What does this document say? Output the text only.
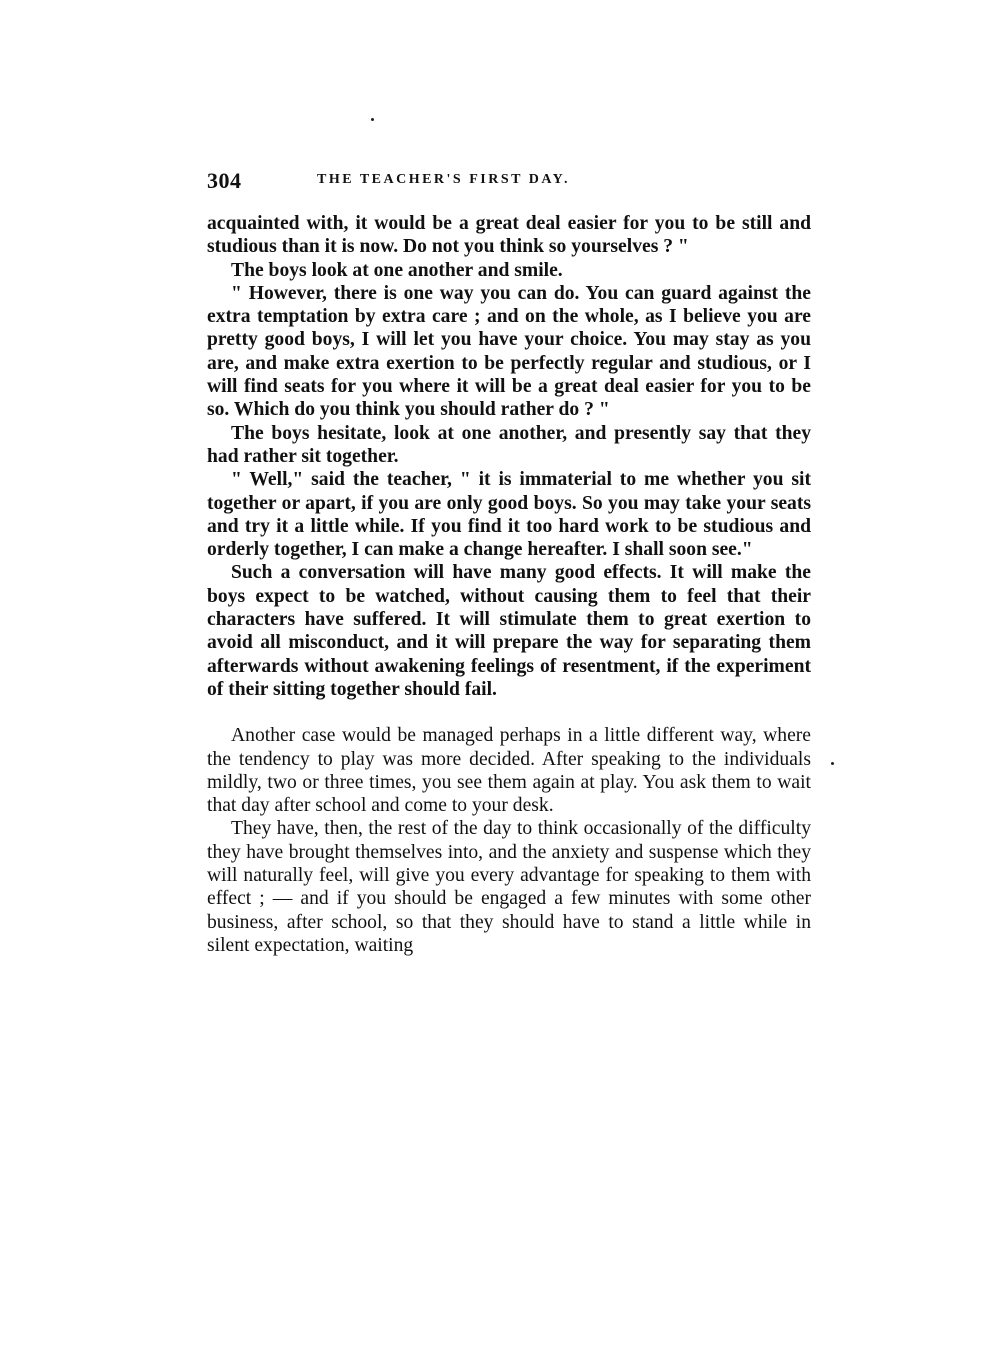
304	THE TEACHER'S FIRST DAY.

acquainted with, it would be a great deal easier for you to be still and studious than it is now. Do not you think so yourselves ? "

The boys look at one another and smile.

" However, there is one way you can do. You can guard against the extra temptation by extra care ; and on the whole, as I believe you are pretty good boys, I will let you have your choice. You may stay as you are, and make extra exertion to be perfectly regular and studious, or I will find seats for you where it will be a great deal easier for you to be so. Which do you think you should rather do ? "

The boys hesitate, look at one another, and presently say that they had rather sit together.

" Well," said the teacher, " it is immaterial to me whether you sit together or apart, if you are only good boys. So you may take your seats and try it a little while. If you find it too hard work to be studious and orderly together, I can make a change hereafter. I shall soon see."

Such a conversation will have many good effects. It will make the boys expect to be watched, without causing them to feel that their characters have suffered. It will stimulate them to great exertion to avoid all misconduct, and it will prepare the way for separating them afterwards without awakening feelings of resentment, if the experiment of their sitting together should fail.

Another case would be managed perhaps in a little different way, where the tendency to play was more decided. After speaking to the individuals mildly, two or three times, you see them again at play. You ask them to wait that day after school and come to your desk.

They have, then, the rest of the day to think occasionally of the difficulty they have brought themselves into, and the anxiety and suspense which they will naturally feel, will give you every advantage for speaking to them with effect ; — and if you should be engaged a few minutes with some other business, after school, so that they should have to stand a little while in silent expectation, waiting
